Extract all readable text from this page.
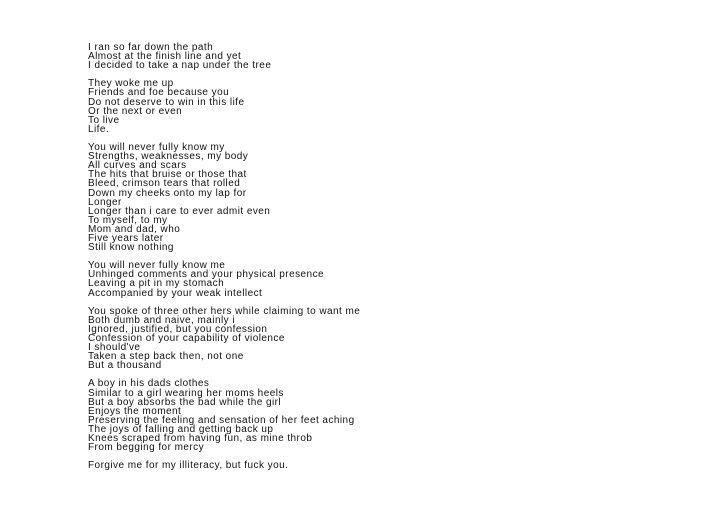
I ran so far down the path
Almost at the finish line and yet
I decided to take a nap under the tree
They woke me up
Friends and foe because you
Do not deserve to win in this life
Or the next or even
To live
Life.
You will never fully know my
Strengths, weaknesses, my body
All curves and scars
The hits that bruise or those that
Bleed, crimson tears that rolled
Down my cheeks onto my lap for
Longer
Longer than i care to ever admit even
To myself, to my
Mom and dad, who
Five years later
Still know nothing
You will never fully know me
Unhinged comments and your physical presence
Leaving a pit in my stomach
Accompanied by your weak intellect
You spoke of three other hers while claiming to want me
Both dumb and naive, mainly i
Ignored, justified, but you confession
Confession of your capability of violence
I should've
Taken a step back then, not one
But a thousand
A boy in his dads clothes
Similar to a girl wearing her moms heels
But a boy absorbs the bad while the girl
Enjoys the moment
Preserving the feeling and sensation of her feet aching
The joys of falling and getting back up
Knees scraped from having fun, as mine throb
From begging for mercy
Forgive me for my illiteracy, but fuck you.
